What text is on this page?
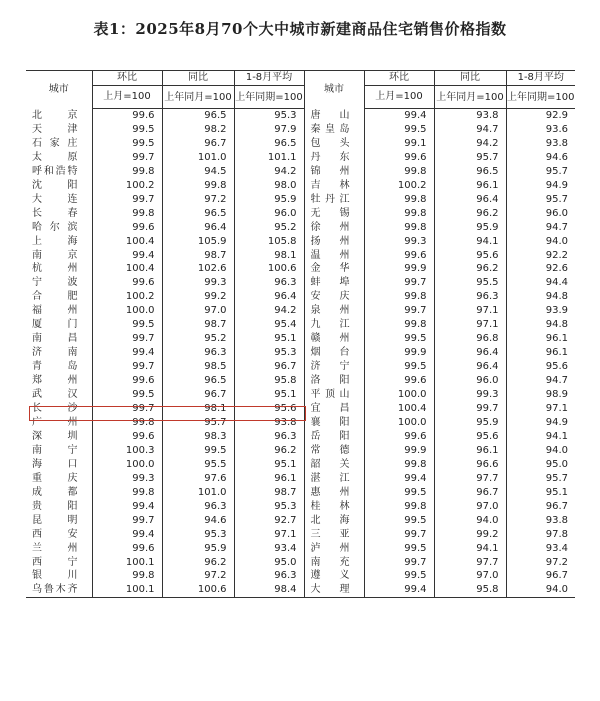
表1：2025年8月70个大中城市新建商品住宅销售价格指数
城市	环比	同比	1-8月平均	城市	环比	同比	1-8月平均
	上月=100	上年同月=100	上年同期=100		上月=100	上年同月=100	上年同期=100
北京	99.6	96.5	95.3	唐山	99.4	93.8	92.9
天津	99.5	98.2	97.9	秦皇岛	99.5	94.7	93.6
石家庄	99.5	96.7	96.5	包头	99.1	94.2	93.8
太原	99.7	101.0	101.1	丹东	99.6	95.7	94.6
呼和浩特	99.8	94.5	94.2	锦州	99.8	96.5	95.7
沈阳	100.2	99.8	98.0	吉林	100.2	96.1	94.9
大连	99.7	97.2	95.9	牡丹江	99.8	96.4	95.7
长春	99.8	96.5	96.0	无锡	99.8	96.2	96.0
哈尔滨	99.6	96.4	95.2	徐州	99.8	95.9	94.7
上海	100.4	105.9	105.8	扬州	99.3	94.1	94.0
南京	99.4	98.7	98.1	温州	99.6	95.6	92.2
杭州	100.4	102.6	100.6	金华	99.9	96.2	92.6
宁波	99.6	99.3	96.3	蚌埠	99.7	95.5	94.4
合肥	100.2	99.2	96.4	安庆	99.8	96.3	94.8
福州	100.0	97.0	94.2	泉州	99.7	97.1	93.9
厦门	99.5	98.7	95.4	九江	99.8	97.1	94.8
南昌	99.7	95.2	95.1	赣州	99.5	96.8	96.1
济南	99.4	96.3	95.3	烟台	99.9	96.4	96.1
青岛	99.7	98.5	96.7	济宁	99.5	96.4	95.6
郑州	99.6	96.5	95.8	洛阳	99.6	96.0	94.7
武汉	99.5	96.7	95.1	平顶山	100.0	99.3	98.9
长沙	99.7	98.1	95.6	宜昌	100.4	99.7	97.1
广州	99.8	95.7	93.8	襄阳	100.0	95.9	94.9
深圳	99.6	98.3	96.3	岳阳	99.6	95.6	94.1
南宁	100.3	99.5	96.2	常德	99.9	96.1	94.0
海口	100.0	95.5	95.1	韶关	99.8	96.6	95.0
重庆	99.3	97.6	96.1	湛江	99.4	97.7	95.7
成都	99.8	101.0	98.7	惠州	99.5	96.7	95.1
贵阳	99.4	96.3	95.3	桂林	99.8	97.0	96.7
昆明	99.7	94.6	92.7	北海	99.5	94.0	93.8
西安	99.4	95.3	97.1	三亚	99.7	99.2	97.8
兰州	99.6	95.9	93.4	泸州	99.5	94.1	93.4
西宁	100.1	96.2	95.0	南充	99.7	97.7	97.2
银川	99.8	97.2	96.3	遵义	99.5	97.0	96.7
乌鲁木齐	100.1	100.6	98.4	大理	99.4	95.8	94.0
